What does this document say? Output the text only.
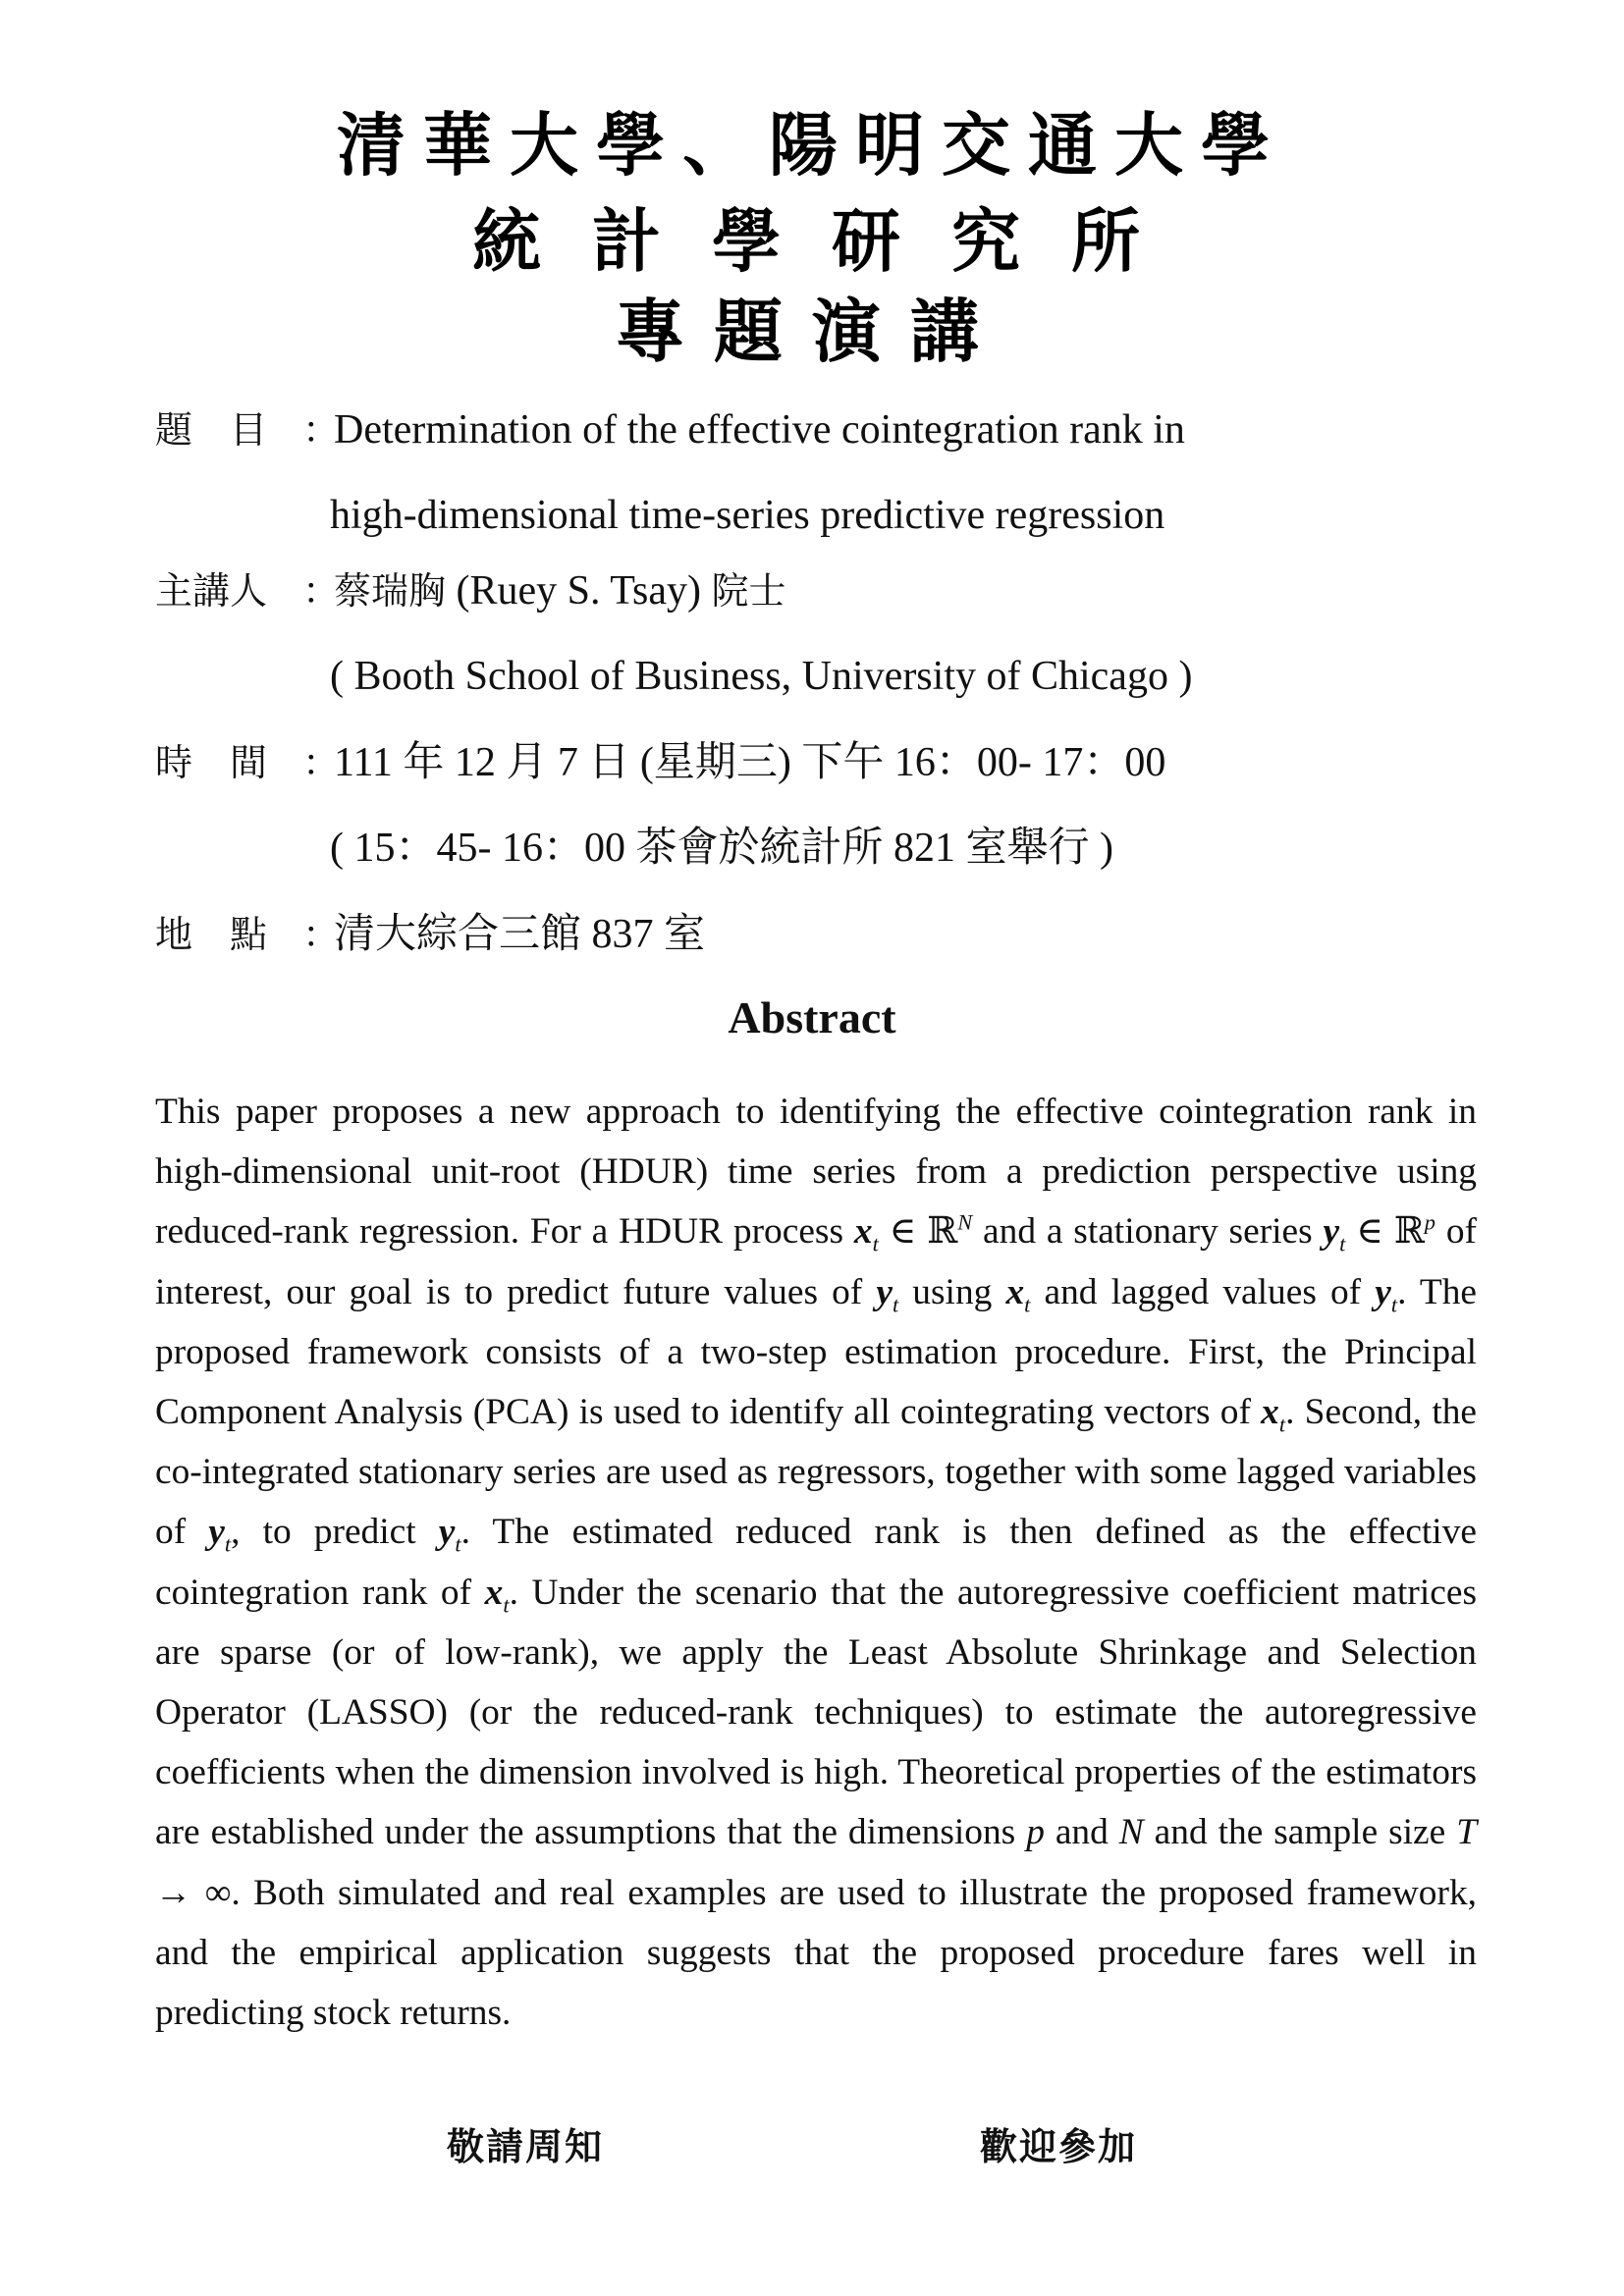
清華大學、陽明交通大學
統計學研究所
專題演講
題　目 ：Determination of the effective cointegration rank in
high-dimensional time-series predictive regression
主講人 ：蔡瑞胸 (Ruey S. Tsay) 院士
( Booth School of Business, University of Chicago )
時　間 ：111 年 12 月 7 日 (星期三) 下午 16：00- 17：00
( 15：45- 16：00 茶會於統計所 821 室舉行 )
地　點 ：清大綜合三館 837 室
Abstract
This paper proposes a new approach to identifying the effective cointegration rank in high-dimensional unit-root (HDUR) time series from a prediction perspective using reduced-rank regression. For a HDUR process $x_t$ ∈ ℝ$^N$ and a stationary series $y_t$ ∈ ℝ$^p$ of interest, our goal is to predict future values of $y_t$ using $x_t$ and lagged values of $y_t$. The proposed framework consists of a two-step estimation procedure. First, the Principal Component Analysis (PCA) is used to identify all cointegrating vectors of $x_t$. Second, the co-integrated stationary series are used as regressors, together with some lagged variables of $y_t$, to predict $y_t$. The estimated reduced rank is then defined as the effective cointegration rank of $x_t$. Under the scenario that the autoregressive coefficient matrices are sparse (or of low-rank), we apply the Least Absolute Shrinkage and Selection Operator (LASSO) (or the reduced-rank techniques) to estimate the autoregressive coefficients when the dimension involved is high. Theoretical properties of the estimators are established under the assumptions that the dimensions p and N and the sample size T → ∞. Both simulated and real examples are used to illustrate the proposed framework, and the empirical application suggests that the proposed procedure fares well in predicting stock returns.
敬請周知	歡迎參加
